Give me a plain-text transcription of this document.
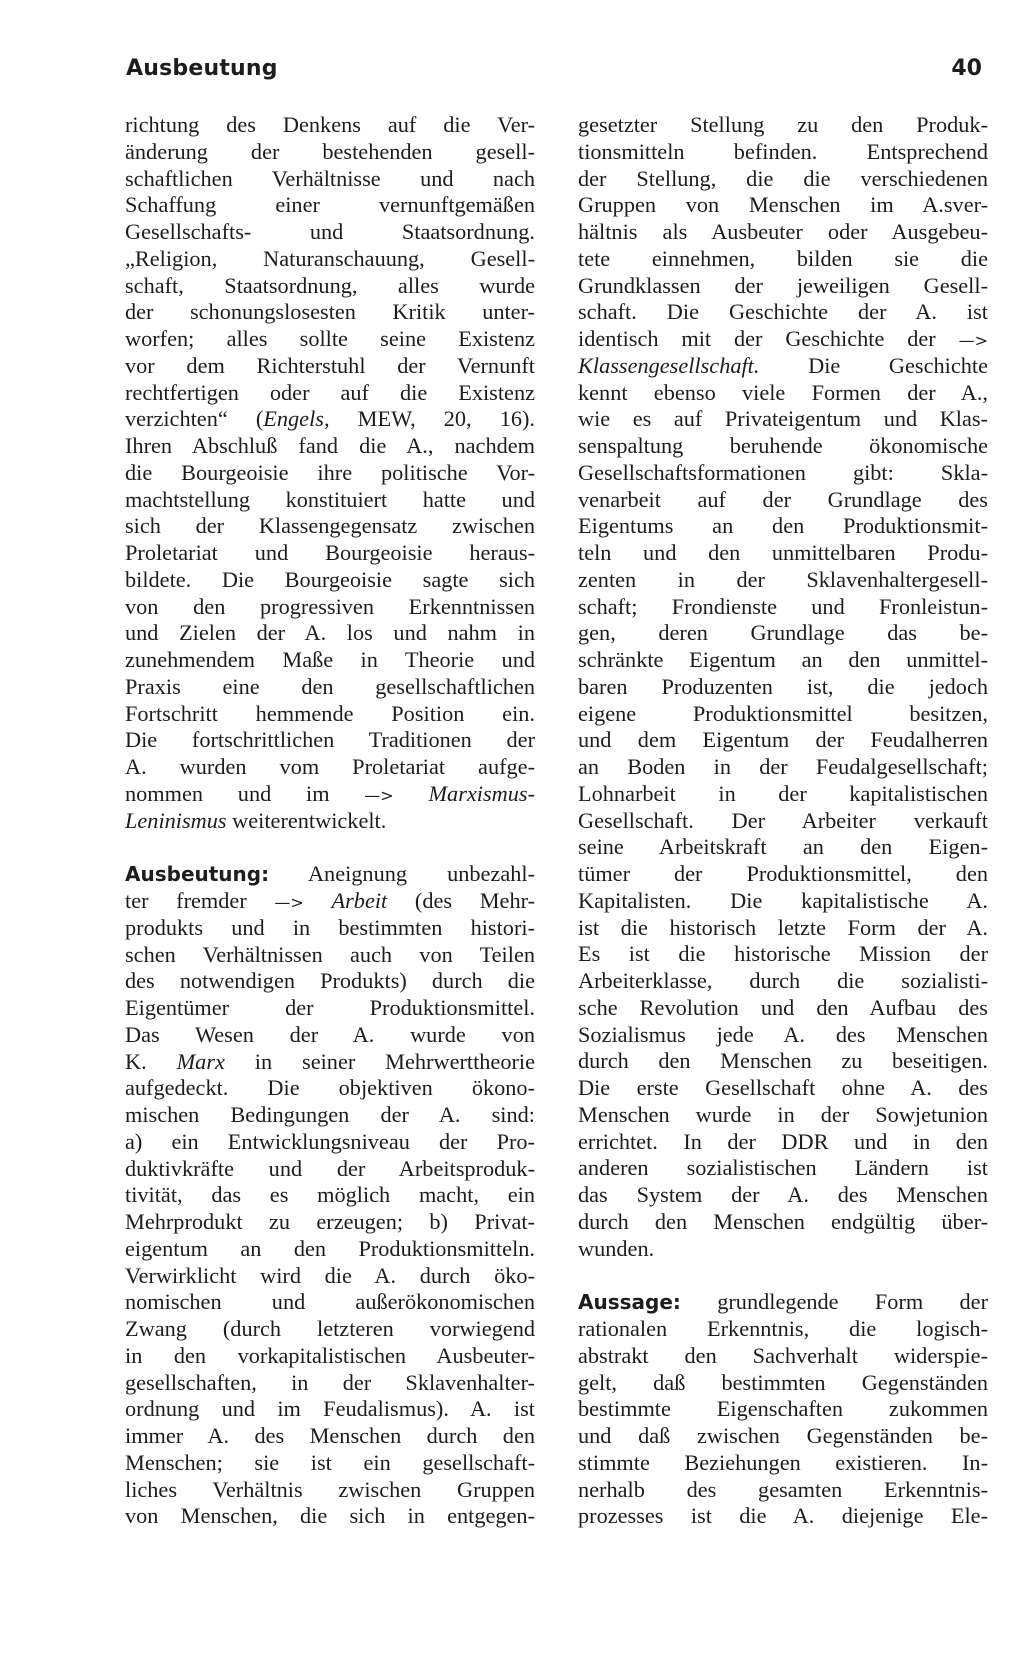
Ausbeutung	40
richtung des Denkens auf die Ver-
änderung der bestehenden gesell-
schaftlichen Verhältnisse und nach
Schaffung einer vernunftgemäßen
Gesellschafts- und Staatsordnung.
„Religion, Naturanschauung, Gesell-
schaft, Staatsordnung, alles wurde
der schonungslosesten Kritik unter-
worfen; alles sollte seine Existenz
vor dem Richterstuhl der Vernunft
rechtfertigen oder auf die Existenz
verzichten“ (Engels, MEW, 20, 16).
Ihren Abschluß fand die A., nachdem
die Bourgeoisie ihre politische Vor-
machtstellung konstituiert hatte und
sich der Klassengegensatz zwischen
Proletariat und Bourgeoisie heraus-
bildete. Die Bourgeoisie sagte sich
von den progressiven Erkenntnissen
und Zielen der A. los und nahm in
zunehmendem Maße in Theorie und
Praxis eine den gesellschaftlichen
Fortschritt hemmende Position ein.
Die fortschrittlichen Traditionen der
A. wurden vom Proletariat aufge-
nommen und im —> Marxismus-
Leninismus weiterentwickelt.
Ausbeutung: Aneignung unbezahl-
ter fremder —> Arbeit (des Mehr-
produkts und in bestimmten histori-
schen Verhältnissen auch von Teilen
des notwendigen Produkts) durch die
Eigentümer der Produktionsmittel.
Das Wesen der A. wurde von
K. Marx in seiner Mehrwerttheorie
aufgedeckt. Die objektiven ökono-
mischen Bedingungen der A. sind:
a) ein Entwicklungsniveau der Pro-
duktivkräfte und der Arbeitsproduk-
tivität, das es möglich macht, ein
Mehrprodukt zu erzeugen; b) Privat-
eigentum an den Produktionsmitteln.
Verwirklicht wird die A. durch öko-
nomischen und außerökonomischen
Zwang (durch letzteren vorwiegend
in den vorkapitalistischen Ausbeuter-
gesellschaften, in der Sklavenhalter-
ordnung und im Feudalismus). A. ist
immer A. des Menschen durch den
Menschen; sie ist ein gesellschaft-
liches Verhältnis zwischen Gruppen
von Menschen, die sich in entgegen-
gesetzter Stellung zu den Produk-
tionsmitteln befinden. Entsprechend
der Stellung, die die verschiedenen
Gruppen von Menschen im A.sver-
hältnis als Ausbeuter oder Ausgebeu-
tete einnehmen, bilden sie die
Grundklassen der jeweiligen Gesell-
schaft. Die Geschichte der A. ist
identisch mit der Geschichte der —>
Klassengesellschaft. Die Geschichte
kennt ebenso viele Formen der A.,
wie es auf Privateigentum und Klas-
senspaltung beruhende ökonomische
Gesellschaftsformationen gibt: Skla-
venarbeit auf der Grundlage des
Eigentums an den Produktionsmit-
teln und den unmittelbaren Produ-
zenten in der Sklavenhaltergesell-
schaft; Frondienste und Fronleistun-
gen, deren Grundlage das be-
schränkte Eigentum an den unmittel-
baren Produzenten ist, die jedoch
eigene Produktionsmittel besitzen,
und dem Eigentum der Feudalherren
an Boden in der Feudalgesellschaft;
Lohnarbeit in der kapitalistischen
Gesellschaft. Der Arbeiter verkauft
seine Arbeitskraft an den Eigen-
tümer der Produktionsmittel, den
Kapitalisten. Die kapitalistische A.
ist die historisch letzte Form der A.
Es ist die historische Mission der
Arbeiterklasse, durch die sozialisti-
sche Revolution und den Aufbau des
Sozialismus jede A. des Menschen
durch den Menschen zu beseitigen.
Die erste Gesellschaft ohne A. des
Menschen wurde in der Sowjetunion
errichtet. In der DDR und in den
anderen sozialistischen Ländern ist
das System der A. des Menschen
durch den Menschen endgültig über-
wunden.
Aussage: grundlegende Form der
rationalen Erkenntnis, die logisch-
abstrakt den Sachverhalt widerspie-
gelt, daß bestimmten Gegenständen
bestimmte Eigenschaften zukommen
und daß zwischen Gegenständen be-
stimmte Beziehungen existieren. In-
nerhalb des gesamten Erkenntnis-
prozesses ist die A. diejenige Ele-
